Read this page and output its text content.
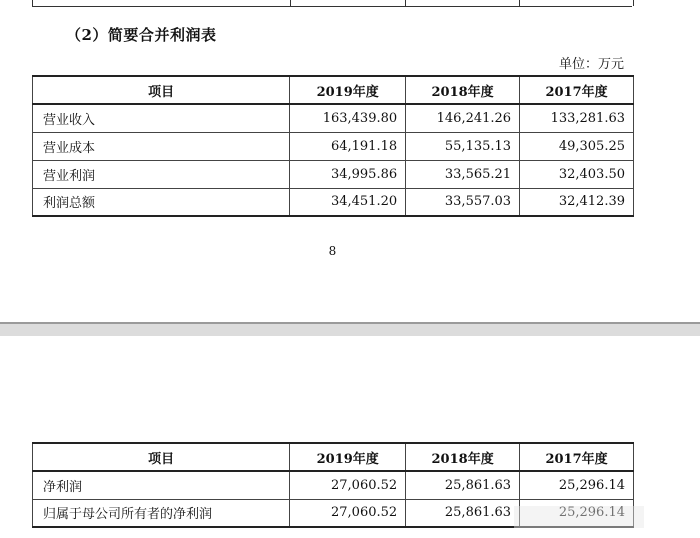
（2）简要合并利润表
单位：万元
项目	2019年度	2018年度	2017年度
营业收入	163,439.80	146,241.26	133,281.63
营业成本	64,191.18	55,135.13	49,305.25
营业利润	34,995.86	33,565.21	32,403.50
利润总额	34,451.20	33,557.03	32,412.39
8
项目	2019年度	2018年度	2017年度
净利润	27,060.52	25,861.63	25,296.14
归属于母公司所有者的净利润	27,060.52	25,861.63	25,296.14
